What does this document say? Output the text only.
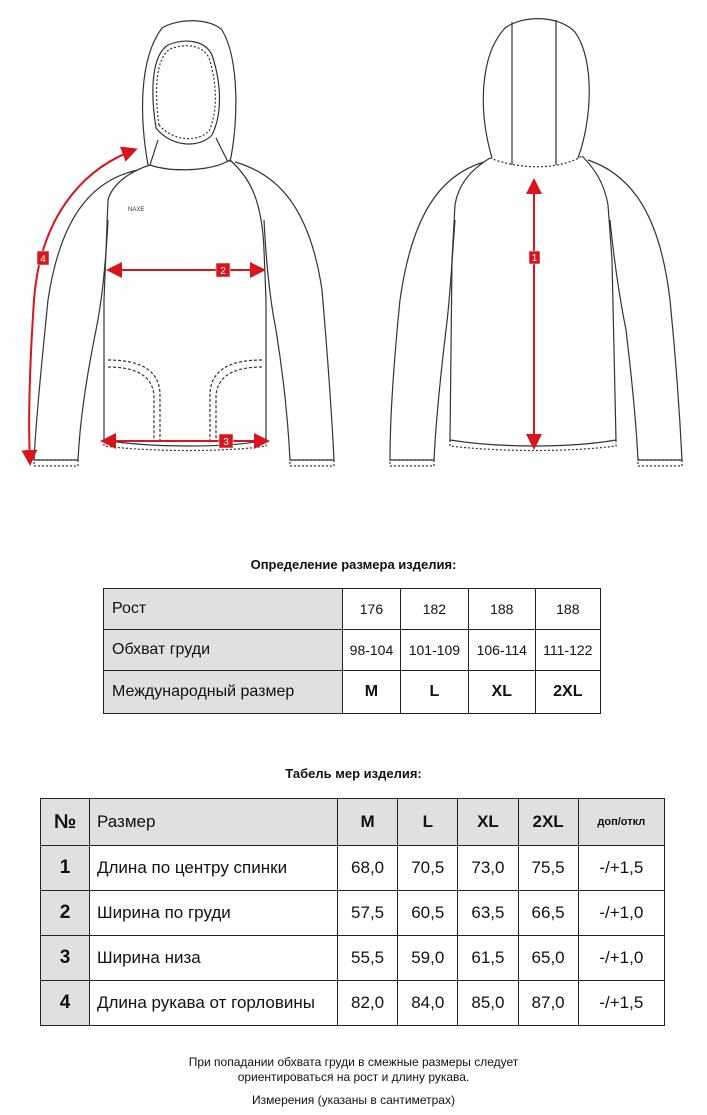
NAXE
1
2
3
4
Определение размера изделия:
Рост	176	182	188	188
Обхват груди	98-104	101-109	106-114	111-122
Международный размер	M	L	XL	2XL
Табель мер изделия:
№	Размер	M	L	XL	2XL	доп/откл
1	Длина по центру спинки	68,0	70,5	73,0	75,5	-/+1,5
2	Ширина по груди	57,5	60,5	63,5	66,5	-/+1,0
3	Ширина низа	55,5	59,0	61,5	65,0	-/+1,0
4	Длина рукава от горловины	82,0	84,0	85,0	87,0	-/+1,5
При попадании обхвата груди в смежные размеры следует
ориентироваться на рост и длину рукава.
Измерения (указаны в сантиметрах)
